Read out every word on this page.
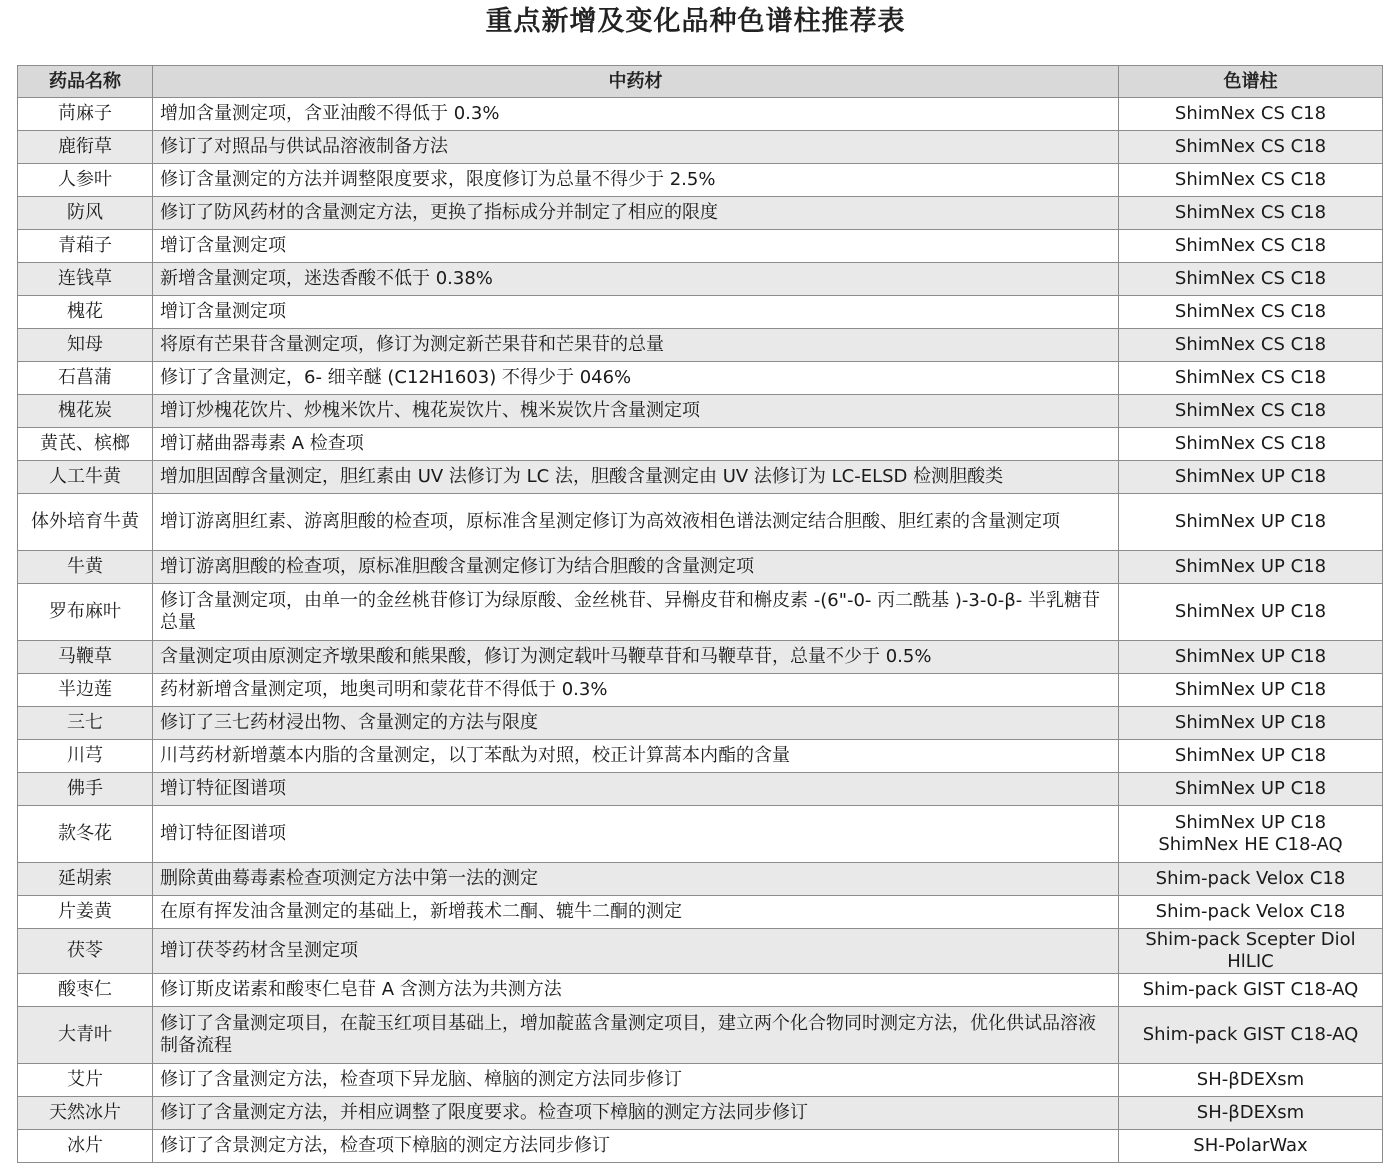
重点新增及变化品种色谱柱推荐表
药品名称	中药材	色谱柱
苘麻子	增加含量测定项，含亚油酸不得低于 0.3%	ShimNex CS C18
鹿衔草	修订了对照品与供试品溶液制备方法	ShimNex CS C18
人参叶	修订含量测定的方法并调整限度要求，限度修订为总量不得少于 2.5%	ShimNex CS C18
防风	修订了防风药材的含量测定方法，更换了指标成分并制定了相应的限度	ShimNex CS C18
青葙子	增订含量测定项	ShimNex CS C18
连钱草	新增含量测定项，迷迭香酸不低于 0.38%	ShimNex CS C18
槐花	增订含量测定项	ShimNex CS C18
知母	将原有芒果苷含量测定项，修订为测定新芒果苷和芒果苷的总量	ShimNex CS C18
石菖蒲	修订了含量测定，6- 细辛醚 (C12H1603) 不得少于 046%	ShimNex CS C18
槐花炭	增订炒槐花饮片、炒槐米饮片、槐花炭饮片、槐米炭饮片含量测定项	ShimNex CS C18
黄芪、槟榔	增订赭曲器毒素 A 检查项	ShimNex CS C18
人工牛黄	增加胆固醇含量测定，胆红素由 UV 法修订为 LC 法，胆酸含量测定由 UV 法修订为 LC-ELSD 检测胆酸类	ShimNex UP C18
体外培育牛黄	增订游离胆红素、游离胆酸的检查项，原标准含星测定修订为高效液相色谱法测定结合胆酸、胆红素的含量测定项	ShimNex UP C18
牛黄	增订游离胆酸的检查项，原标准胆酸含量测定修订为结合胆酸的含量测定项	ShimNex UP C18
罗布麻叶	修订含量测定项，由单一的金丝桃苷修订为绿原酸、金丝桃苷、异槲皮苷和槲皮素 -(6"-0- 丙二酰基 )-3-0-β- 半乳糖苷总量	ShimNex UP C18
马鞭草	含量测定项由原测定齐墩果酸和熊果酸，修订为测定载叶马鞭草苷和马鞭草苷，总量不少于 0.5%	ShimNex UP C18
半边莲	药材新增含量测定项，地奥司明和蒙花苷不得低于 0.3%	ShimNex UP C18
三七	修订了三七药材浸出物、含量测定的方法与限度	ShimNex UP C18
川芎	川芎药材新增藁本内脂的含量测定，以丁苯酞为对照，校正计算蒿本内酯的含量	ShimNex UP C18
佛手	增订特征图谱项	ShimNex UP C18
款冬花	增订特征图谱项	ShimNex UP C18
ShimNex HE C18-AQ
延胡索	删除黄曲蓦毒素检查项测定方法中第一法的测定	Shim-pack Velox C18
片姜黄	在原有挥发油含量测定的基础上，新增莪术二酮、辘牛二酮的测定	Shim-pack Velox C18
茯苓	增订茯苓药材含呈测定项	Shim-pack Scepter Diol HlLIC
酸枣仁	修订斯皮诺素和酸枣仁皂苷 A 含测方法为共测方法	Shim-pack GIST C18-AQ
大青叶	修订了含量测定项目，在靛玉红项目基础上，增加靛蓝含量测定项目，建立两个化合物同时测定方法，优化供试品溶液制备流程	Shim-pack GIST C18-AQ
艾片	修订了含量测定方法，检查项下异龙脑、樟脑的测定方法同步修订	SH-βDEXsm
天然冰片	修订了含量测定方法，并相应调整了限度要求。检查项下樟脑的测定方法同步修订	SH-βDEXsm
冰片	修订了含景测定方法，检查项下樟脑的测定方法同步修订	SH-PolarWax
